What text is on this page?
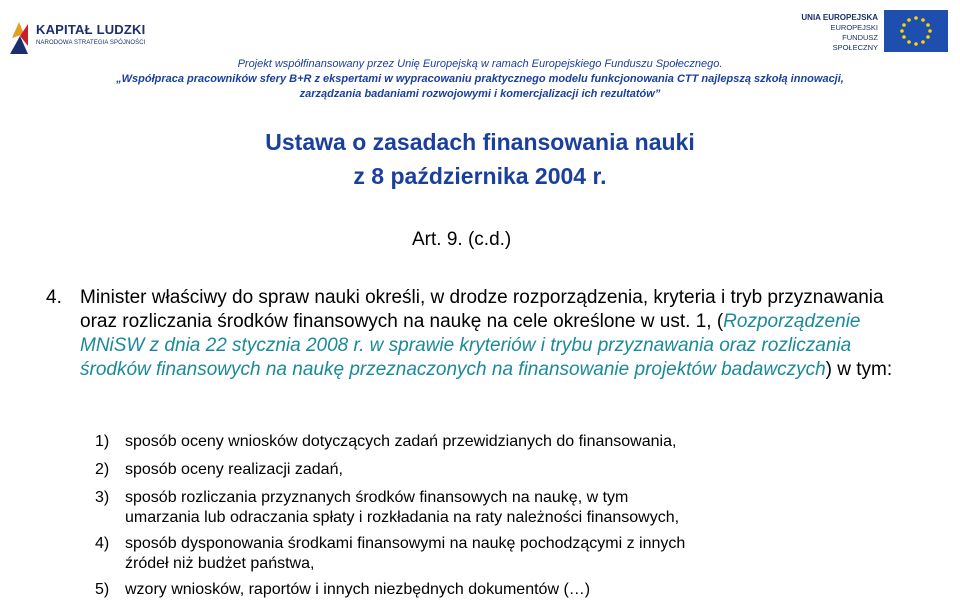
KAPITAŁ LUDZKI
NARODOWA STRATEGIA SPÓJNOŚCI
UNIA EUROPEJSKA
EUROPEJSKI
FUNDUSZ SPOŁECZNY
Projekt współfinansowany przez Unię Europejską w ramach Europejskiego Funduszu Społecznego.
„Współpraca pracowników sfery B+R z ekspertami w wypracowaniu praktycznego modelu funkcjonowania CTT najlepszą szkołą innowacji,
zarządzania badaniami rozwojowymi i komercjalizacji ich rezultatów”
Ustawa o zasadach finansowania nauki
z 8 października 2004 r.
Art. 9. (c.d.)
4. Minister właściwy do spraw nauki określi, w drodze rozporządzenia, kryteria i tryb przyznawania oraz rozliczania środków finansowych na naukę na cele określone w ust. 1, (Rozporządzenie MNiSW z dnia 22 stycznia 2008 r. w sprawie kryteriów i trybu przyznawania oraz rozliczania środków finansowych na naukę przeznaczonych na finansowanie projektów badawczych) w tym:
1) sposób oceny wniosków dotyczących zadań przewidzianych do finansowania,
2) sposób oceny realizacji zadań,
3) sposób rozliczania przyznanych środków finansowych na naukę, w tym
umarzania lub odraczania spłaty i rozkładania na raty należności finansowych,
4) sposób dysponowania środkami finansowymi na naukę pochodzącymi z innych
źródeł niż budżet państwa,
5) wzory wniosków, raportów i innych niezbędnych dokumentów (…)
